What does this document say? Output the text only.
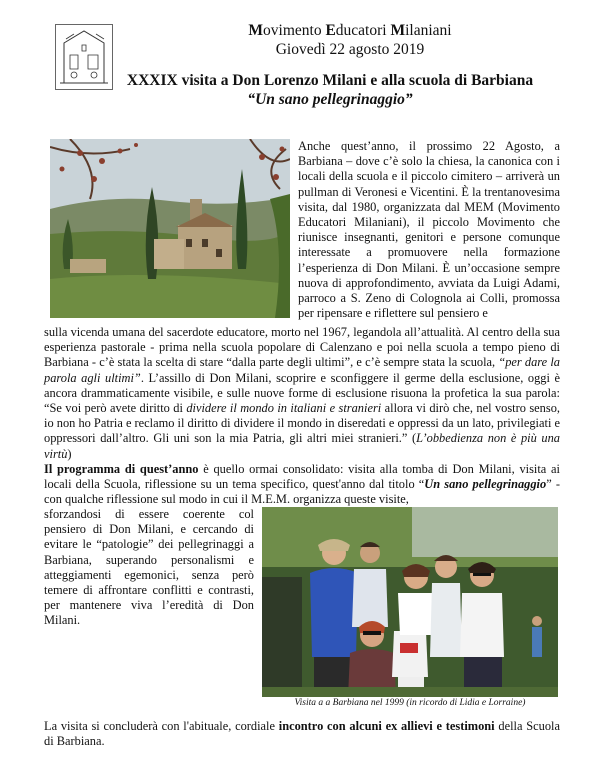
Movimento Educatori Milaniani
Giovedì 22 agosto 2019
XXXIX visita a Don Lorenzo Milani e alla scuola di Barbiana
“Un sano pellegrinaggio”

Anche quest’anno, il prossimo 22 Agosto, a Barbiana – dove c’è solo la chiesa, la canonica con i locali della scuola e il piccolo cimitero – arriverà un pullman di Veronesi e Vicentini. È la trentanovesima visita, dal 1980, organizzata dal MEM (Movimento Educatori Milaniani), il piccolo Movimento che riunisce insegnanti, genitori e persone comunque interessate a promuovere nella formazione l’esperienza di Don Milani. È un’occasione sempre nuova di approfondimento, avviata da Luigi Adami, parroco a S. Zeno di Colognola ai Colli, promossa per ripensare e riflettere sul pensiero e

sulla vicenda umana del sacerdote educatore, morto nel 1967, legandola all’attualità. Al centro della sua esperienza pastorale - prima nella scuola popolare di Calenzano e poi nella scuola a tempo pieno di Barbiana - c’è stata la scelta di stare “dalla parte degli ultimi”, e c’è sempre stata la scuola, “per dare la parola agli ultimi”. L’assillo di Don Milani, scoprire e sconfiggere il germe della esclusione, oggi è ancora drammaticamente visibile, e sulle nuove forme di esclusione risuona la profetica la sua parola: “Se voi però avete diritto di dividere il mondo in italiani e stranieri allora vi dirò che, nel vostro senso, io non ho Patria e reclamo il diritto di dividere il mondo in diseredati e oppressi da un lato, privilegiati e oppressori dall’altro. Gli uni son la mia Patria, gli altri miei stranieri.” (L’obbedienza non è più una virtù)

Il programma di quest’anno è quello ormai consolidato: visita alla tomba di Don Milani, visita ai locali della Scuola, riflessione su un tema specifico, quest'anno dal titolo “Un sano pellegrinaggio” - con qualche riflessione sul modo in cui il M.E.M. organizza queste visite,

sforzandosi di essere coerente col pensiero di Don Milani, e cercando di evitare le “patologie” dei pellegrinaggi a Barbiana, superando personalismi e atteggiamenti egemonici, senza però temere di affrontare conflitti e contrasti, per mantenere viva l’eredità di Don Milani.

Visita a a Barbiana nel 1999 (in ricordo di Lidia e Lorraine)

La visita si concluderà con l'abituale, cordiale incontro con alcuni ex allievi e testimoni della Scuola di Barbiana.
